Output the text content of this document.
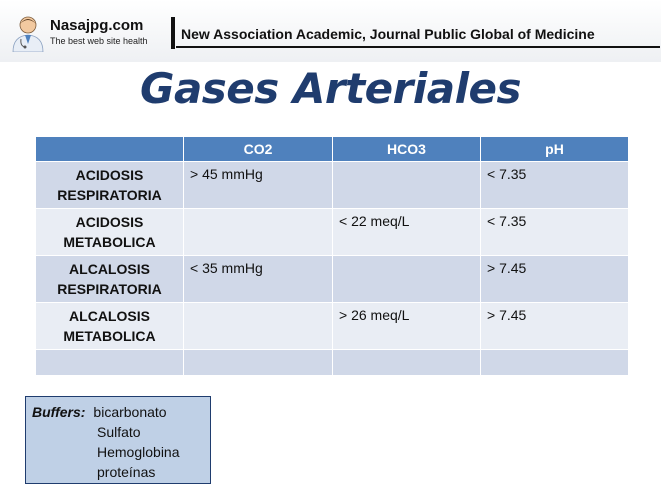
Nasajpg.com
The best web site health New Association Academic, Journal Public Global of Medicine
Gases Arteriales
	CO2	HCO3	pH

ACIDOSIS
RESPIRATORIA	> 45 mmHg		< 7.35

ACIDOSIS
METABOLICA		< 22 meq/L	< 7.35

ALCALOSIS
RESPIRATORIA	< 35 mmHg		> 7.45

ALCALOSIS
METABOLICA		> 26 meq/L	> 7.45

Buffers: bicarbonato
Sulfato
Hemoglobina
proteínas
